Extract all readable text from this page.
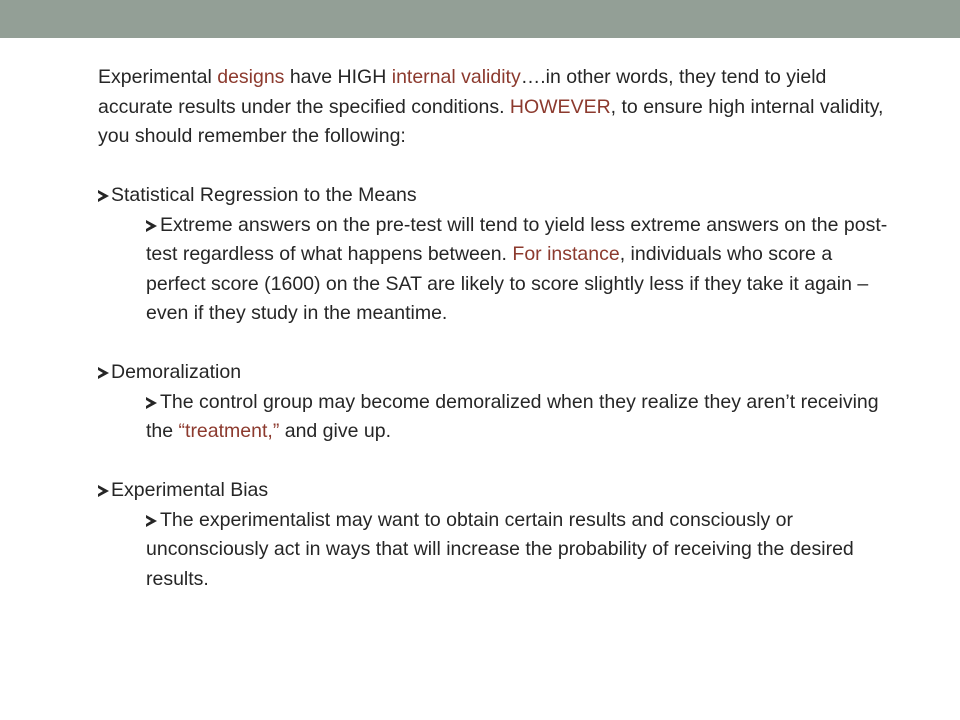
Experimental designs have HIGH internal validity….in other words, they tend to yield accurate results under the specified conditions. HOWEVER, to ensure high internal validity, you should remember the following:

Statistical Regression to the Means

Extreme answers on the pre-test will tend to yield less extreme answers on the post-test regardless of what happens between. For instance, individuals who score a perfect score (1600) on the SAT are likely to score slightly less if they take it again – even if they study in the meantime.

Demoralization

The control group may become demoralized when they realize they aren’t receiving the “treatment,” and give up.

Experimental Bias

The experimentalist may want to obtain certain results and consciously or unconsciously act in ways that will increase the probability of receiving the desired results.
